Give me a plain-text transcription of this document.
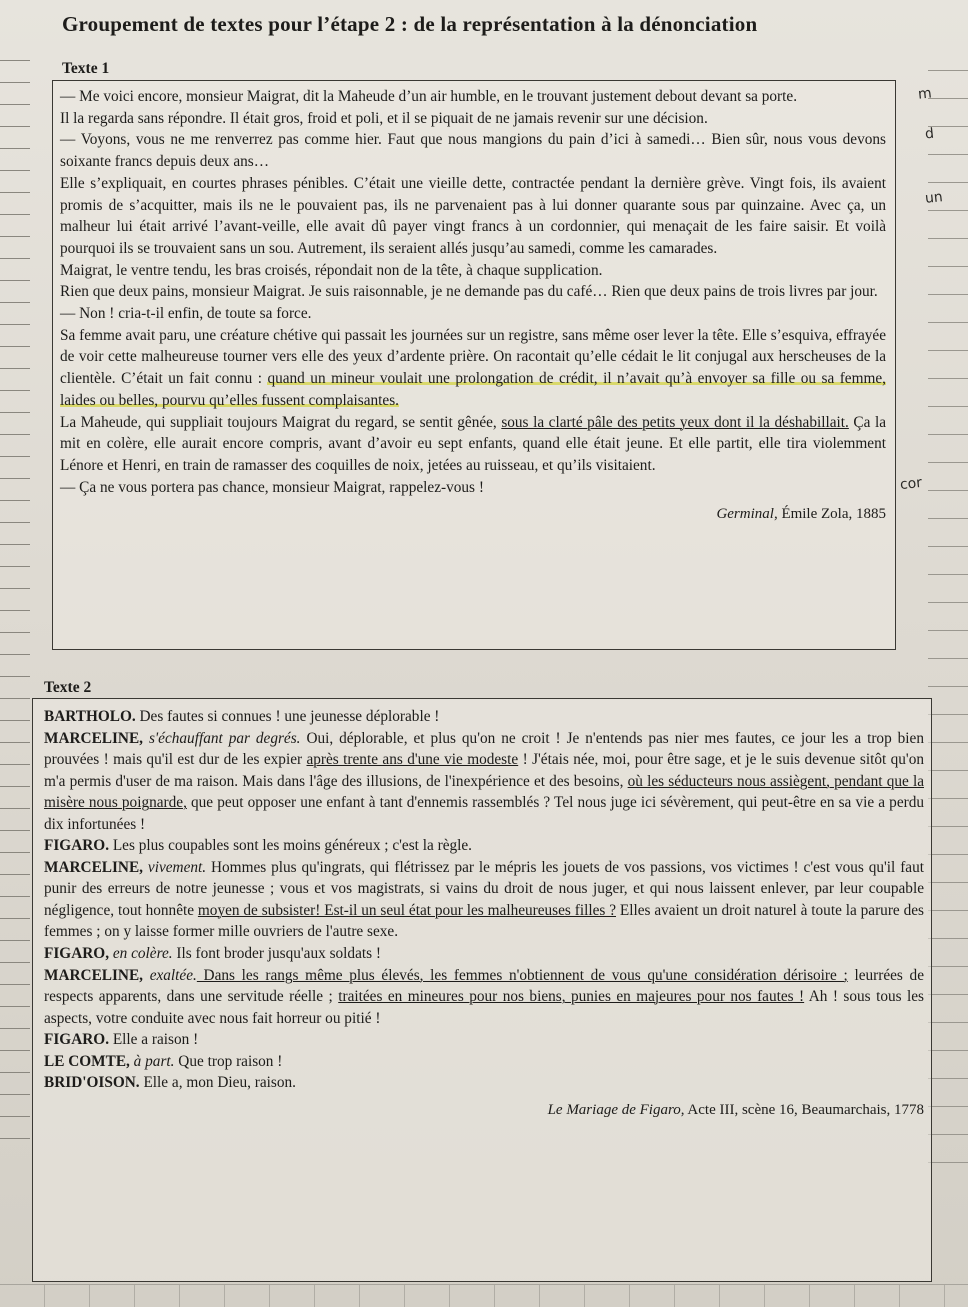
Groupement de textes pour l’étape 2 : de la représentation à la dénonciation
Texte 1

— Me voici encore, monsieur Maigrat, dit la Maheude d’un air humble, en le trouvant justement debout devant sa porte.

Il la regarda sans répondre. Il était gros, froid et poli, et il se piquait de ne jamais revenir sur une décision.

— Voyons, vous ne me renverrez pas comme hier. Faut que nous mangions du pain d’ici à samedi… Bien sûr, nous vous devons soixante francs depuis deux ans…

Elle s’expliquait, en courtes phrases pénibles. C’était une vieille dette, contractée pendant la dernière grève. Vingt fois, ils avaient promis de s’acquitter, mais ils ne le pouvaient pas, ils ne parvenaient pas à lui donner quarante sous par quinzaine. Avec ça, un malheur lui était arrivé l’avant-veille, elle avait dû payer vingt francs à un cordonnier, qui menaçait de les faire saisir. Et voilà pourquoi ils se trouvaient sans un sou. Autrement, ils seraient allés jusqu’au samedi, comme les camarades.

Maigrat, le ventre tendu, les bras croisés, répondait non de la tête, à chaque supplication.

Rien que deux pains, monsieur Maigrat. Je suis raisonnable, je ne demande pas du café… Rien que deux pains de trois livres par jour.

— Non ! cria-t-il enfin, de toute sa force.

Sa femme avait paru, une créature chétive qui passait les journées sur un registre, sans même oser lever la tête. Elle s’esquiva, effrayée de voir cette malheureuse tourner vers elle des yeux d’ardente prière. On racontait qu’elle cédait le lit conjugal aux herscheuses de la clientèle. C’était un fait connu : quand un mineur voulait une prolongation de crédit, il n’avait qu’à envoyer sa fille ou sa femme, laides ou belles, pourvu qu’elles fussent complaisantes.

La Maheude, qui suppliait toujours Maigrat du regard, se sentit gênée, sous la clarté pâle des petits yeux dont il la déshabillait. Ça la mit en colère, elle aurait encore compris, avant d’avoir eu sept enfants, quand elle était jeune. Et elle partit, elle tira violemment Lénore et Henri, en train de ramasser des coquilles de noix, jetées au ruisseau, et qu’ils visitaient.

— Ça ne vous portera pas chance, monsieur Maigrat, rappelez-vous !

Germinal, Émile Zola, 1885

Texte 2

BARTHOLO. Des fautes si connues ! une jeunesse déplorable !

MARCELINE, s'échauffant par degrés. Oui, déplorable, et plus qu'on ne croit ! Je n'entends pas nier mes fautes, ce jour les a trop bien prouvées ! mais qu'il est dur de les expier après trente ans d'une vie modeste ! J'étais née, moi, pour être sage, et je le suis devenue sitôt qu'on m'a permis d'user de ma raison. Mais dans l'âge des illusions, de l'inexpérience et des besoins, où les séducteurs nous assiègent, pendant que la misère nous poignarde, que peut opposer une enfant à tant d'ennemis rassemblés ? Tel nous juge ici sévèrement, qui peut-être en sa vie a perdu dix infortunées !

FIGARO. Les plus coupables sont les moins généreux ; c'est la règle.

MARCELINE, vivement. Hommes plus qu'ingrats, qui flétrissez par le mépris les jouets de vos passions, vos victimes ! c'est vous qu'il faut punir des erreurs de notre jeunesse ; vous et vos magistrats, si vains du droit de nous juger, et qui nous laissent enlever, par leur coupable négligence, tout honnête moyen de subsister! Est-il un seul état pour les malheureuses filles ? Elles avaient un droit naturel à toute la parure des femmes ; on y laisse former mille ouvriers de l'autre sexe.

FIGARO, en colère. Ils font broder jusqu'aux soldats !

MARCELINE, exaltée. Dans les rangs même plus élevés, les femmes n'obtiennent de vous qu'une considération dérisoire ; leurrées de respects apparents, dans une servitude réelle ; traitées en mineures pour nos biens, punies en majeures pour nos fautes ! Ah ! sous tous les aspects, votre conduite avec nous fait horreur ou pitié !

FIGARO. Elle a raison !

LE COMTE, à part. Que trop raison !

BRID'OISON. Elle a, mon Dieu, raison.

Le Mariage de Figaro, Acte III, scène 16, Beaumarchais, 1778

m
d
un
cor
